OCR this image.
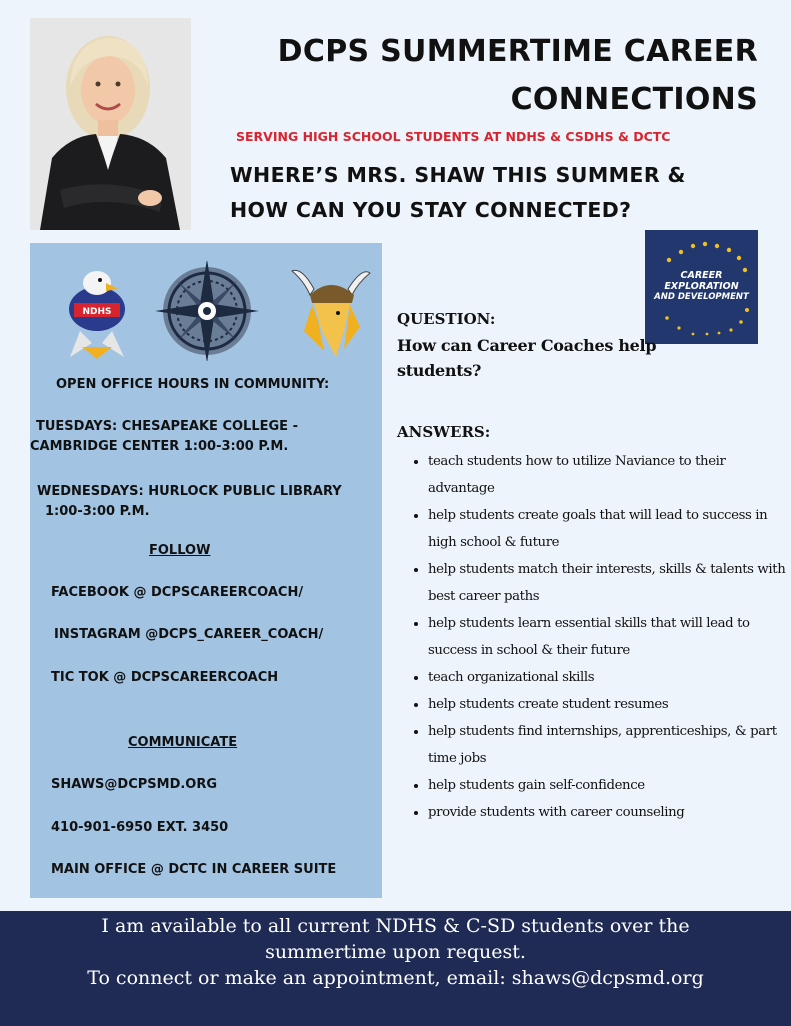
DCPS SUMMERTIME CAREER
CONNECTIONS
SERVING HIGH SCHOOL STUDENTS AT NDHS & CSDHS & DCTC
WHERE’S MRS. SHAW THIS SUMMER &
HOW CAN YOU STAY CONNECTED?
NDHS
OPEN OFFICE HOURS IN COMMUNITY:
TUESDAYS: CHESAPEAKE COLLEGE -
CAMBRIDGE CENTER 1:00-3:00 P.M.
WEDNESDAYS: HURLOCK PUBLIC LIBRARY
1:00-3:00 P.M.
FOLLOW
FACEBOOK @ DCPSCAREERCOACH/
INSTAGRAM @DCPS_CAREER_COACH/
TIC TOK @ DCPSCAREERCOACH
COMMUNICATE
SHAWS@DCPSMD.ORG
410-901-6950 EXT. 3450
MAIN OFFICE @ DCTC IN CAREER SUITE
CAREER
EXPLORATION
AND DEVELOPMENT
QUESTION:
How can Career Coaches help students?
ANSWERS:
• teach students how to utilize Naviance to their advantage
• help students create goals that will lead to success in high school & future
• help students match their interests, skills & talents with best career paths
• help students learn essential skills that will lead to success in school & their future
• teach organizational skills
• help students create student resumes
• help students find internships, apprenticeships, & part time jobs
• help students gain self-confidence
• provide students with career counseling
I am available to all current NDHS & C-SD students over the
summertime upon request.
To connect or make an appointment, email: shaws@dcpsmd.org
